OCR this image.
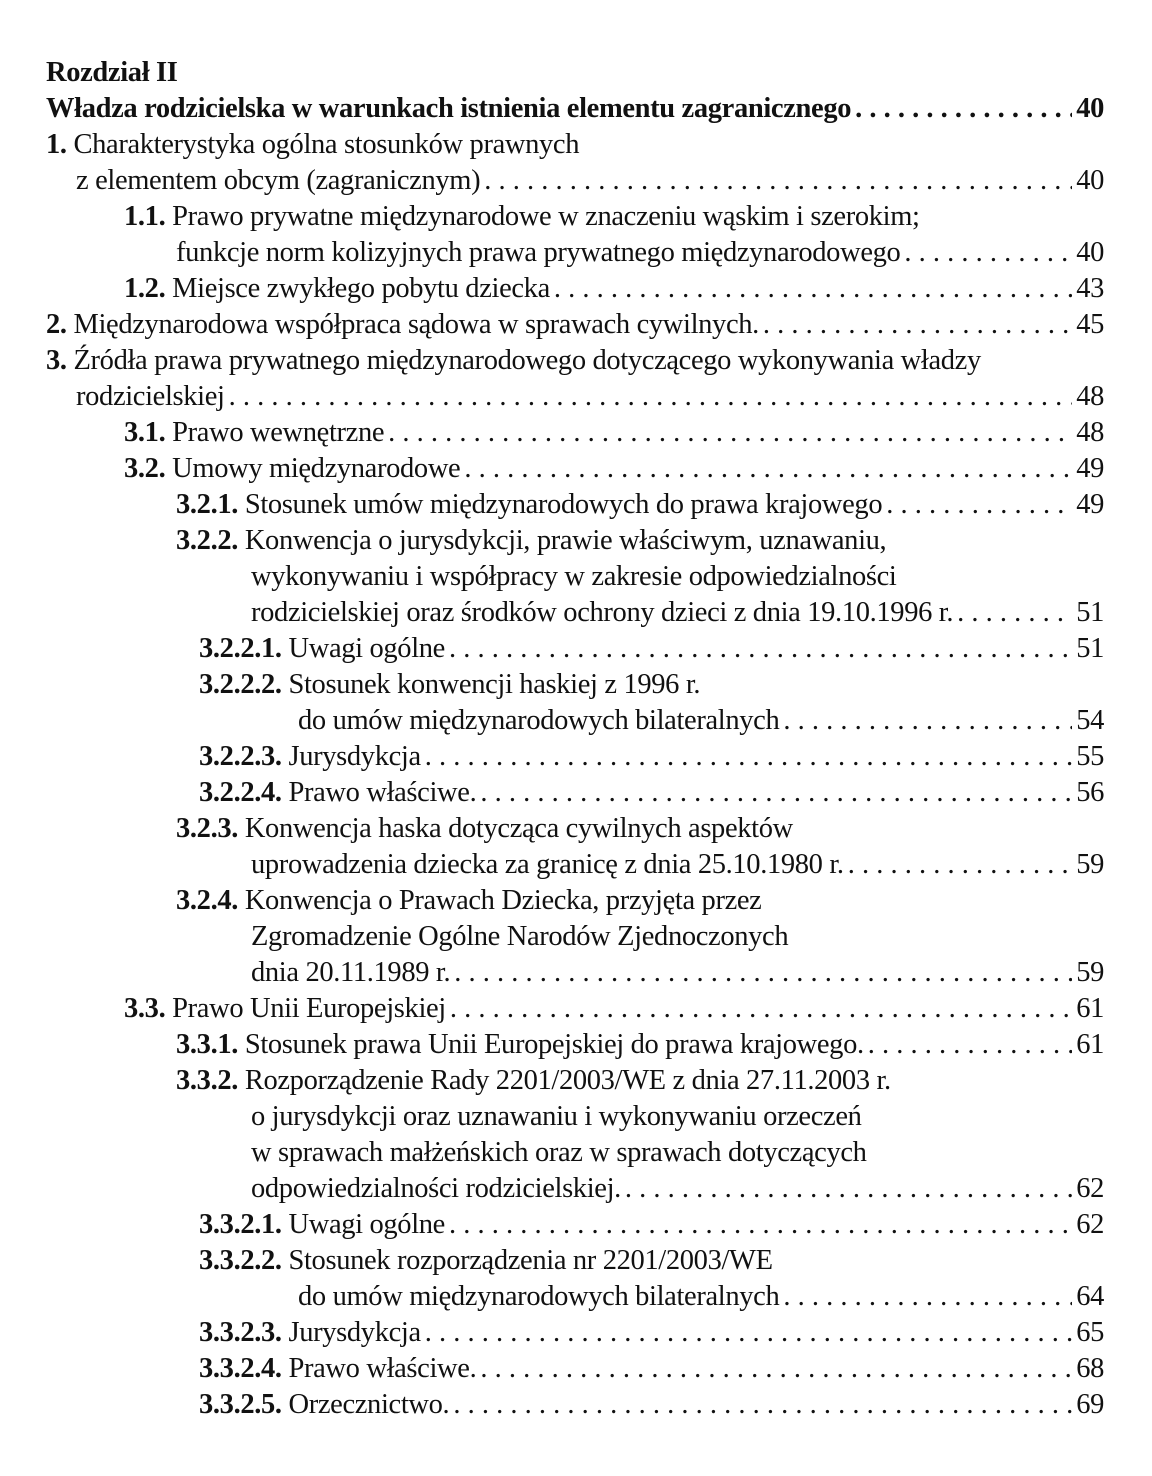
Rozdział II
Władza rodzicielska w warunkach istnienia elementu zagranicznego . . .	40
1. Charakterystyka ogólna stosunków prawnych
z elementem obcym (zagranicznym) . . .	40
1.1. Prawo prywatne międzynarodowe w znaczeniu wąskim i szerokim;
funkcje norm kolizyjnych prawa prywatnego międzynarodowego . . .	40
1.2. Miejsce zwykłego pobytu dziecka . . .	43
2. Międzynarodowa współpraca sądowa w sprawach cywilnych. . . .	45
3. Źródła prawa prywatnego międzynarodowego dotyczącego wykonywania władzy
rodzicielskiej . . .	48
3.1. Prawo wewnętrzne . . .	48
3.2. Umowy międzynarodowe . . .	49
3.2.1. Stosunek umów międzynarodowych do prawa krajowego . . .	49
3.2.2. Konwencja o jurysdykcji, prawie właściwym, uznawaniu,
wykonywaniu i współpracy w zakresie odpowiedzialności
rodzicielskiej oraz środków ochrony dzieci z dnia 19.10.1996 r. . . .	51
3.2.2.1. Uwagi ogólne . . .	51
3.2.2.2. Stosunek konwencji haskiej z 1996 r.
do umów międzynarodowych bilateralnych . . .	54
3.2.2.3. Jurysdykcja . . .	55
3.2.2.4. Prawo właściwe. . . .	56
3.2.3. Konwencja haska dotycząca cywilnych aspektów
uprowadzenia dziecka za granicę z dnia 25.10.1980 r. . . .	59
3.2.4. Konwencja o Prawach Dziecka, przyjęta przez
Zgromadzenie Ogólne Narodów Zjednoczonych
dnia 20.11.1989 r. . . .	59
3.3. Prawo Unii Europejskiej . . .	61
3.3.1. Stosunek prawa Unii Europejskiej do prawa krajowego. . . .	61
3.3.2. Rozporządzenie Rady 2201/2003/WE z dnia 27.11.2003 r.
o jurysdykcji oraz uznawaniu i wykonywaniu orzeczeń
w sprawach małżeńskich oraz w sprawach dotyczących
odpowiedzialności rodzicielskiej. . . .	62
3.3.2.1. Uwagi ogólne . . .	62
3.3.2.2. Stosunek rozporządzenia nr 2201/2003/WE
do umów międzynarodowych bilateralnych . . .	64
3.3.2.3. Jurysdykcja . . .	65
3.3.2.4. Prawo właściwe. . . .	68
3.3.2.5. Orzecznictwo. . . .	69
